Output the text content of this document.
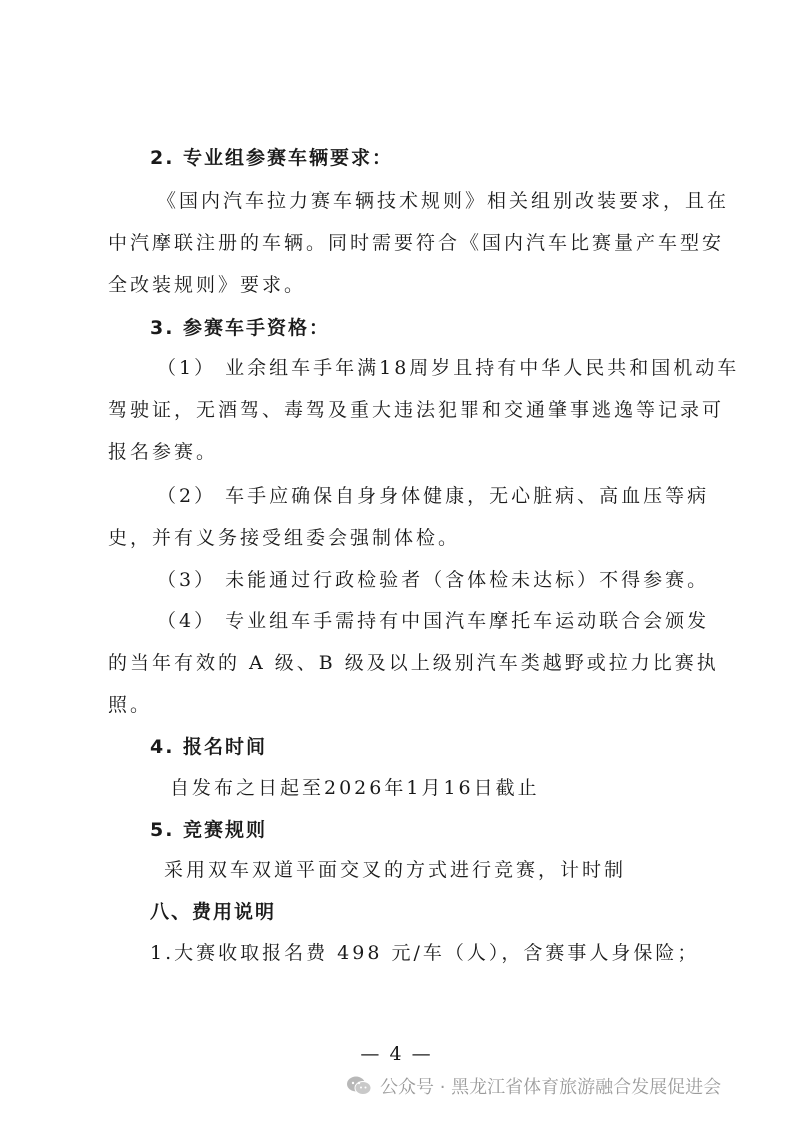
2. 专业组参赛车辆要求：
《国内汽车拉力赛车辆技术规则》相关组别改装要求，且在
中汽摩联注册的车辆。同时需要符合《国内汽车比赛量产车型安
全改装规则》要求。
3. 参赛车手资格：
（1） 业余组车手年满18周岁且持有中华人民共和国机动车
驾驶证，无酒驾、毒驾及重大违法犯罪和交通肇事逃逸等记录可
报名参赛。
（2） 车手应确保自身身体健康，无心脏病、高血压等病
史，并有义务接受组委会强制体检。
（3） 未能通过行政检验者（含体检未达标）不得参赛。
（4） 专业组车手需持有中国汽车摩托车运动联合会颁发
的当年有效的 A 级、B 级及以上级别汽车类越野或拉力比赛执
照。
4. 报名时间
自发布之日起至2026年1月16日截止
5. 竞赛规则
采用双车双道平面交叉的方式进行竞赛，计时制
八、费用说明
1.大赛收取报名费 498 元/车（人），含赛事人身保险；
— 4 —
公众号 · 黑龙江省体育旅游融合发展促进会
